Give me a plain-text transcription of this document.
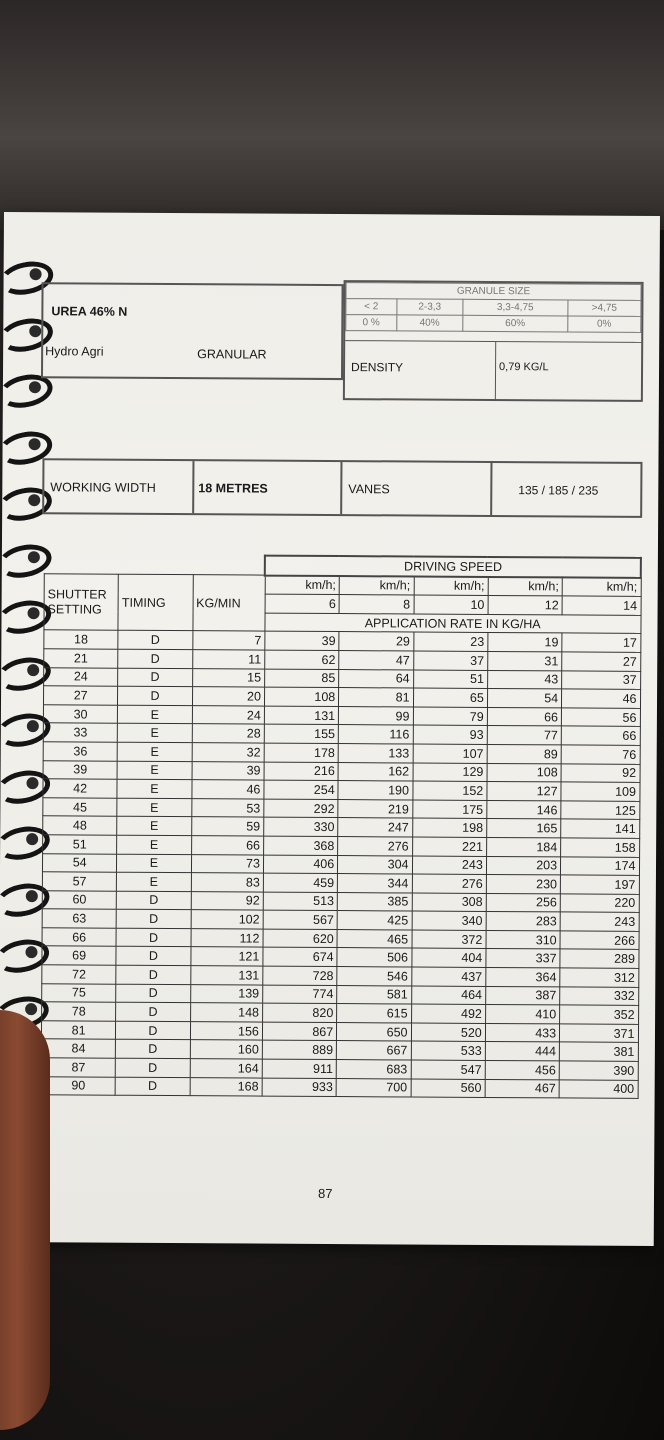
UREA 46% N
Hydro Agri	GRANULAR
GRANULE SIZE			
< 2	2-3,3	3,3-4,75	>4,75
0 %	40%	60%	0%
DENSITY	0,79 KG/L
WORKING WIDTH	18 METRES	VANES	135 / 185 / 235
			DRIVING SPEED				
SHUTTER SETTING	TIMING	KG/MIN	km/h;	km/h;	km/h;	km/h;	km/h;
			6	8	10	12	14
			APPLICATION RATE IN KG/HA				
18	D	7	39	29	23	19	17
21	D	11	62	47	37	31	27
24	D	15	85	64	51	43	37
27	D	20	108	81	65	54	46
30	E	24	131	99	79	66	56
33	E	28	155	116	93	77	66
36	E	32	178	133	107	89	76
39	E	39	216	162	129	108	92
42	E	46	254	190	152	127	109
45	E	53	292	219	175	146	125
48	E	59	330	247	198	165	141
51	E	66	368	276	221	184	158
54	E	73	406	304	243	203	174
57	E	83	459	344	276	230	197
60	D	92	513	385	308	256	220
63	D	102	567	425	340	283	243
66	D	112	620	465	372	310	266
69	D	121	674	506	404	337	289
72	D	131	728	546	437	364	312
75	D	139	774	581	464	387	332
78	D	148	820	615	492	410	352
81	D	156	867	650	520	433	371
84	D	160	889	667	533	444	381
87	D	164	911	683	547	456	390
90	D	168	933	700	560	467	400
87
